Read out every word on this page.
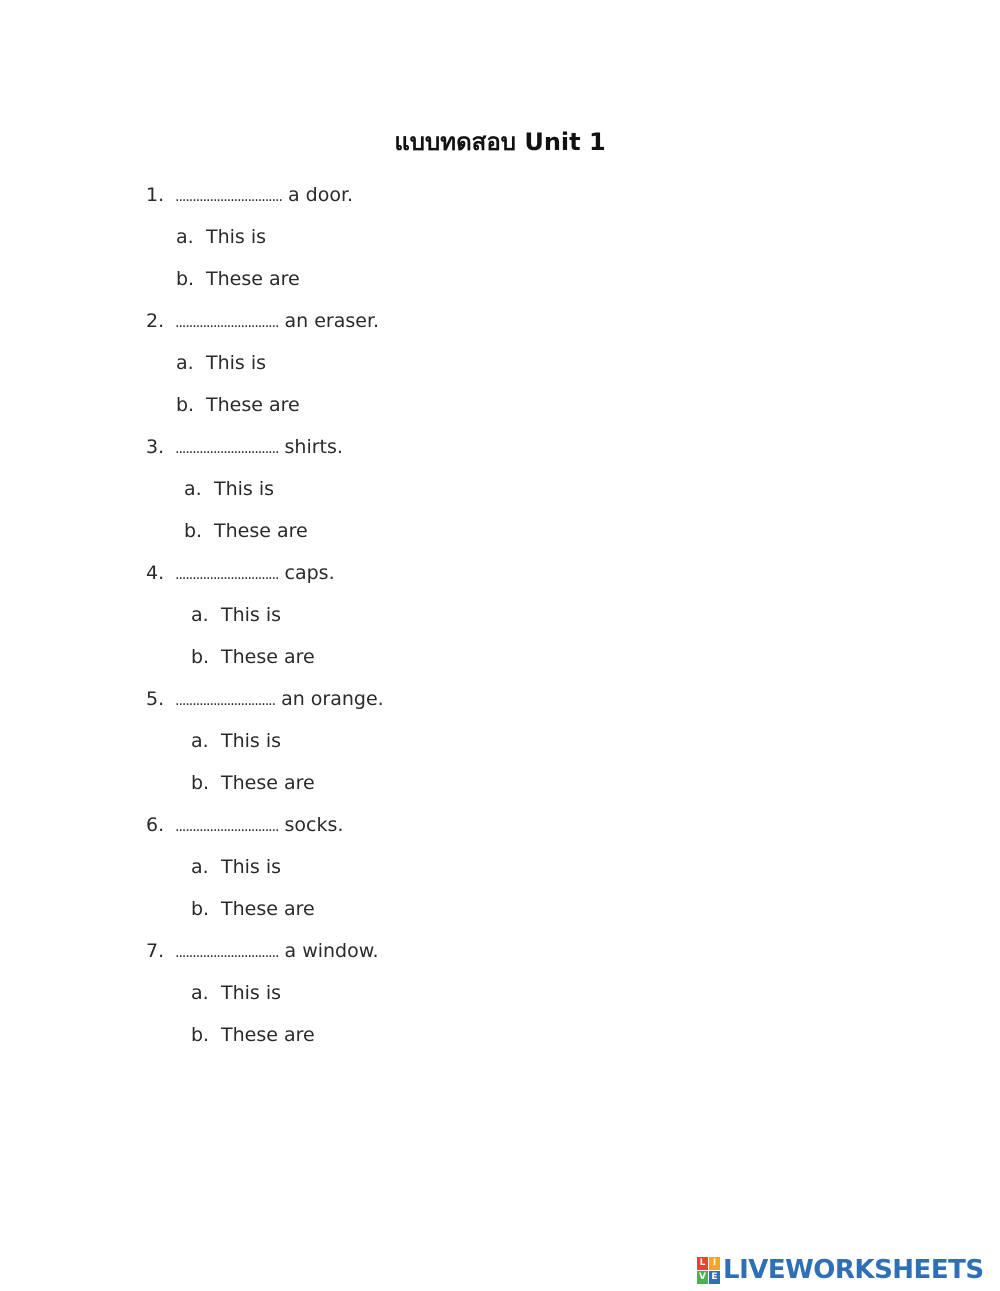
แบบทดสอบ Unit 1
1. ............................... a door.
a. This is
b. These are
2. .............................. an eraser.
a. This is
b. These are
3. .............................. shirts.
a. This is
b. These are
4. .............................. caps.
a. This is
b. These are
5. ............................. an orange.
a. This is
b. These are
6. .............................. socks.
a. This is
b. These are
7. .............................. a window.
a. This is
b. These are
L I
V E LIVEWORKSHEETS
